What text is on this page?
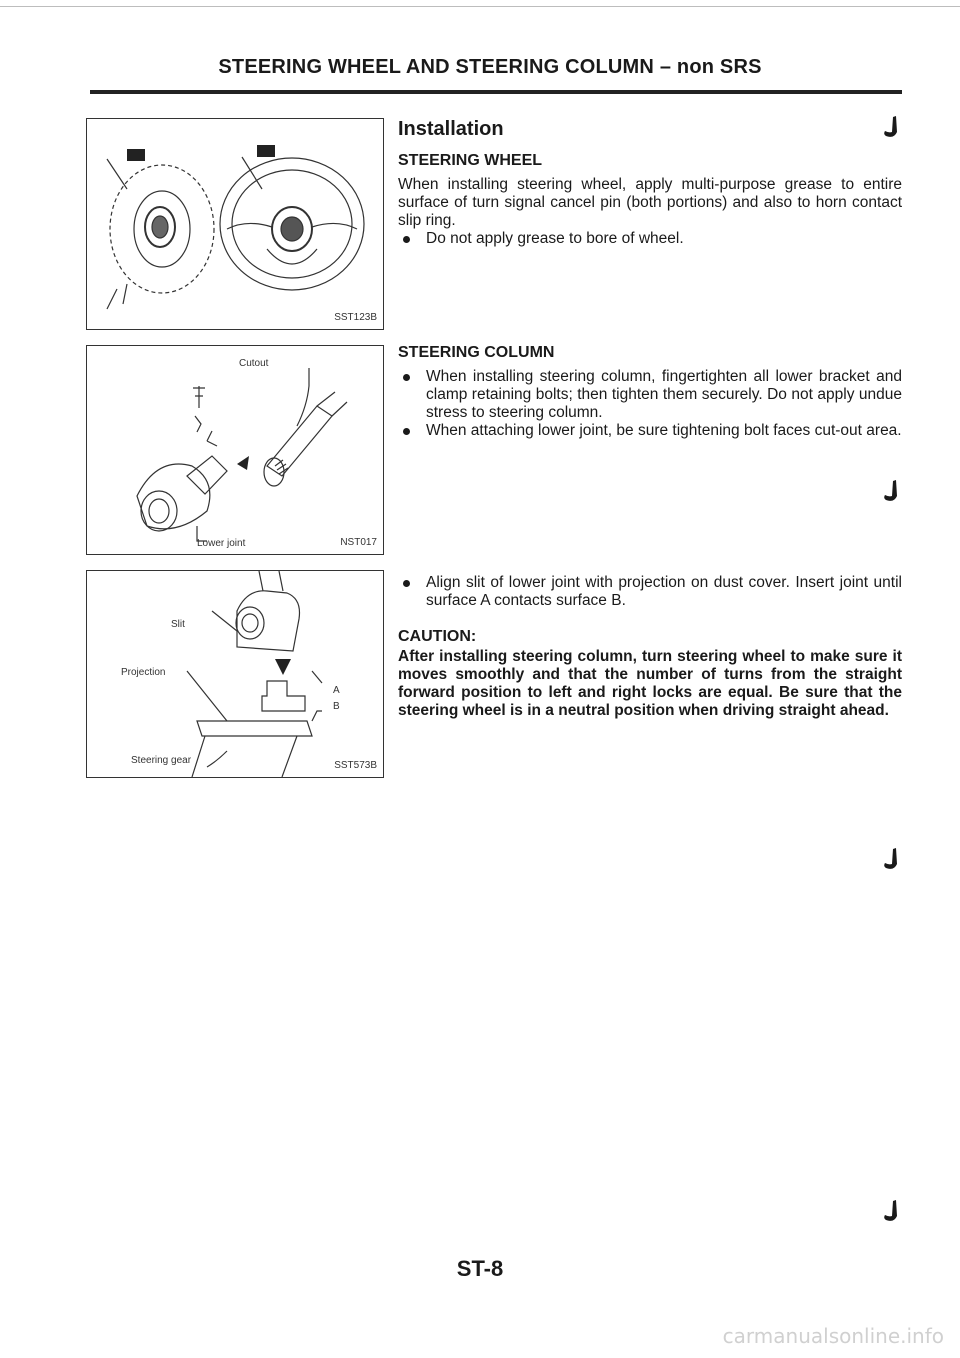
STEERING WHEEL AND STEERING COLUMN – non SRS
SST123B
Cutout
Lower joint	NST017
Slit
Projection
Steering gear
A
B
SST573B
Installation
STEERING WHEEL

When installing steering wheel, apply multi-purpose grease to entire surface of turn signal cancel pin (both portions) and also to horn contact slip ring.

Do not apply grease to bore of wheel.

STEERING COLUMN

When installing steering column, fingertighten all lower bracket and clamp retaining bolts; then tighten them securely. Do not apply undue stress to steering column.

When attaching lower joint, be sure tightening bolt faces cut-out area.

Align slit of lower joint with projection on dust cover. Insert joint until surface A contacts surface B.

CAUTION:

After installing steering column, turn steering wheel to make sure it moves smoothly and that the number of turns from the straight forward position to left and right locks are equal. Be sure that the steering wheel is in a neutral position when driving straight ahead.

ST-8
carmanualsonline.info
